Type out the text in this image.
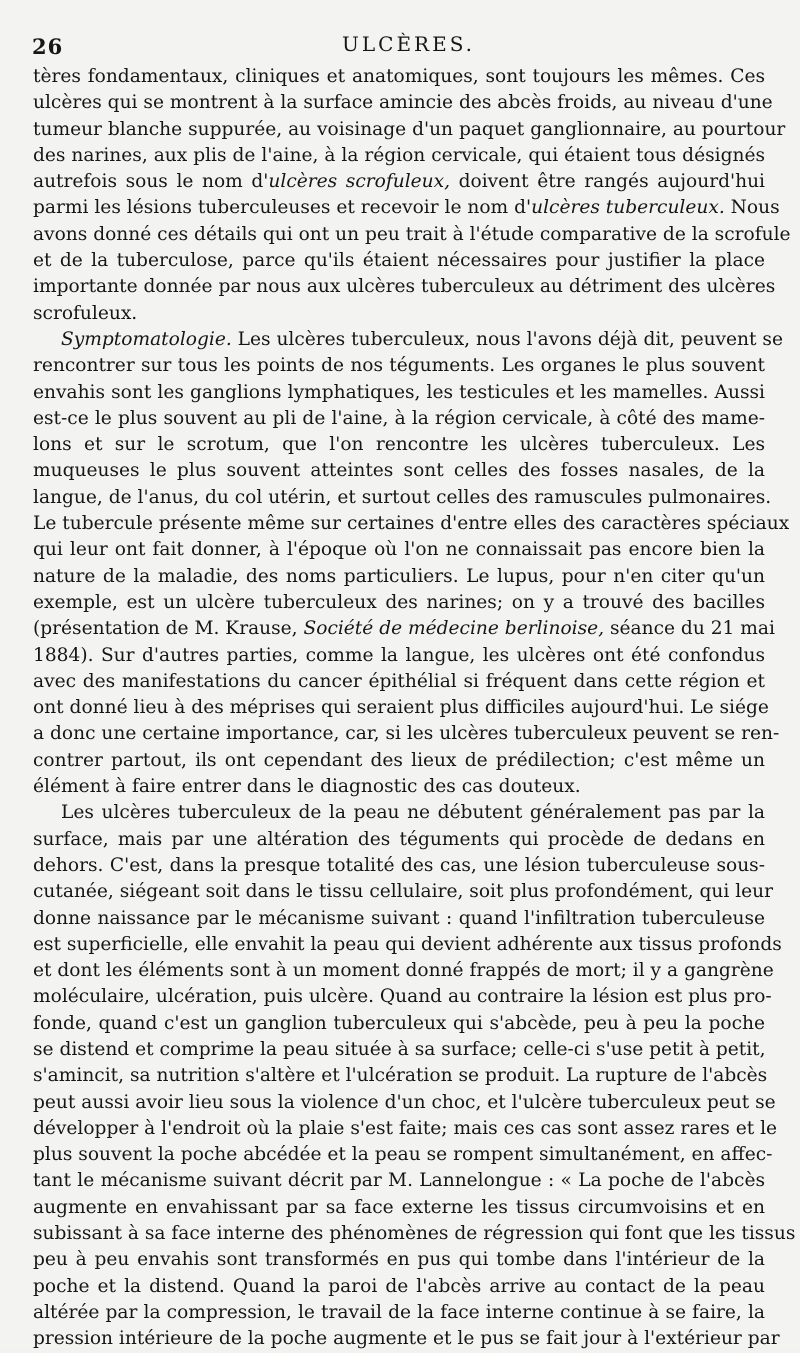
26	ULCÈRES.
tères fondamentaux, cliniques et anatomiques, sont toujours les mêmes. Ces
ulcères qui se montrent à la surface amincie des abcès froids, au niveau d'une
tumeur blanche suppurée, au voisinage d'un paquet ganglionnaire, au pourtour
des narines, aux plis de l'aine, à la région cervicale, qui étaient tous désignés
autrefois sous le nom d'ulcères scrofuleux, doivent être rangés aujourd'hui
parmi les lésions tuberculeuses et recevoir le nom d'ulcères tuberculeux. Nous
avons donné ces détails qui ont un peu trait à l'étude comparative de la scrofule
et de la tuberculose, parce qu'ils étaient nécessaires pour justifier la place
importante donnée par nous aux ulcères tuberculeux au détriment des ulcères
scrofuleux.
Symptomatologie. Les ulcères tuberculeux, nous l'avons déjà dit, peuvent se
rencontrer sur tous les points de nos téguments. Les organes le plus souvent
envahis sont les ganglions lymphatiques, les testicules et les mamelles. Aussi
est-ce le plus souvent au pli de l'aine, à la région cervicale, à côté des mame-
lons et sur le scrotum, que l'on rencontre les ulcères tuberculeux. Les
muqueuses le plus souvent atteintes sont celles des fosses nasales, de la
langue, de l'anus, du col utérin, et surtout celles des ramuscules pulmonaires.
Le tubercule présente même sur certaines d'entre elles des caractères spéciaux
qui leur ont fait donner, à l'époque où l'on ne connaissait pas encore bien la
nature de la maladie, des noms particuliers. Le lupus, pour n'en citer qu'un
exemple, est un ulcère tuberculeux des narines; on y a trouvé des bacilles
(présentation de M. Krause, Société de médecine berlinoise, séance du 21 mai
1884). Sur d'autres parties, comme la langue, les ulcères ont été confondus
avec des manifestations du cancer épithélial si fréquent dans cette région et
ont donné lieu à des méprises qui seraient plus difficiles aujourd'hui. Le siége
a donc une certaine importance, car, si les ulcères tuberculeux peuvent se ren-
contrer partout, ils ont cependant des lieux de prédilection; c'est même un
élément à faire entrer dans le diagnostic des cas douteux.
Les ulcères tuberculeux de la peau ne débutent généralement pas par la
surface, mais par une altération des téguments qui procède de dedans en
dehors. C'est, dans la presque totalité des cas, une lésion tuberculeuse sous-
cutanée, siégeant soit dans le tissu cellulaire, soit plus profondément, qui leur
donne naissance par le mécanisme suivant : quand l'infiltration tuberculeuse
est superficielle, elle envahit la peau qui devient adhérente aux tissus profonds
et dont les éléments sont à un moment donné frappés de mort; il y a gangrène
moléculaire, ulcération, puis ulcère. Quand au contraire la lésion est plus pro-
fonde, quand c'est un ganglion tuberculeux qui s'abcède, peu à peu la poche
se distend et comprime la peau située à sa surface; celle-ci s'use petit à petit,
s'amincit, sa nutrition s'altère et l'ulcération se produit. La rupture de l'abcès
peut aussi avoir lieu sous la violence d'un choc, et l'ulcère tuberculeux peut se
développer à l'endroit où la plaie s'est faite; mais ces cas sont assez rares et le
plus souvent la poche abcédée et la peau se rompent simultanément, en affec-
tant le mécanisme suivant décrit par M. Lannelongue : « La poche de l'abcès
augmente en envahissant par sa face externe les tissus circumvoisins et en
subissant à sa face interne des phénomènes de régression qui font que les tissus
peu à peu envahis sont transformés en pus qui tombe dans l'intérieur de la
poche et la distend. Quand la paroi de l'abcès arrive au contact de la peau
altérée par la compression, le travail de la face interne continue à se faire, la
pression intérieure de la poche augmente et le pus se fait jour à l'extérieur par
